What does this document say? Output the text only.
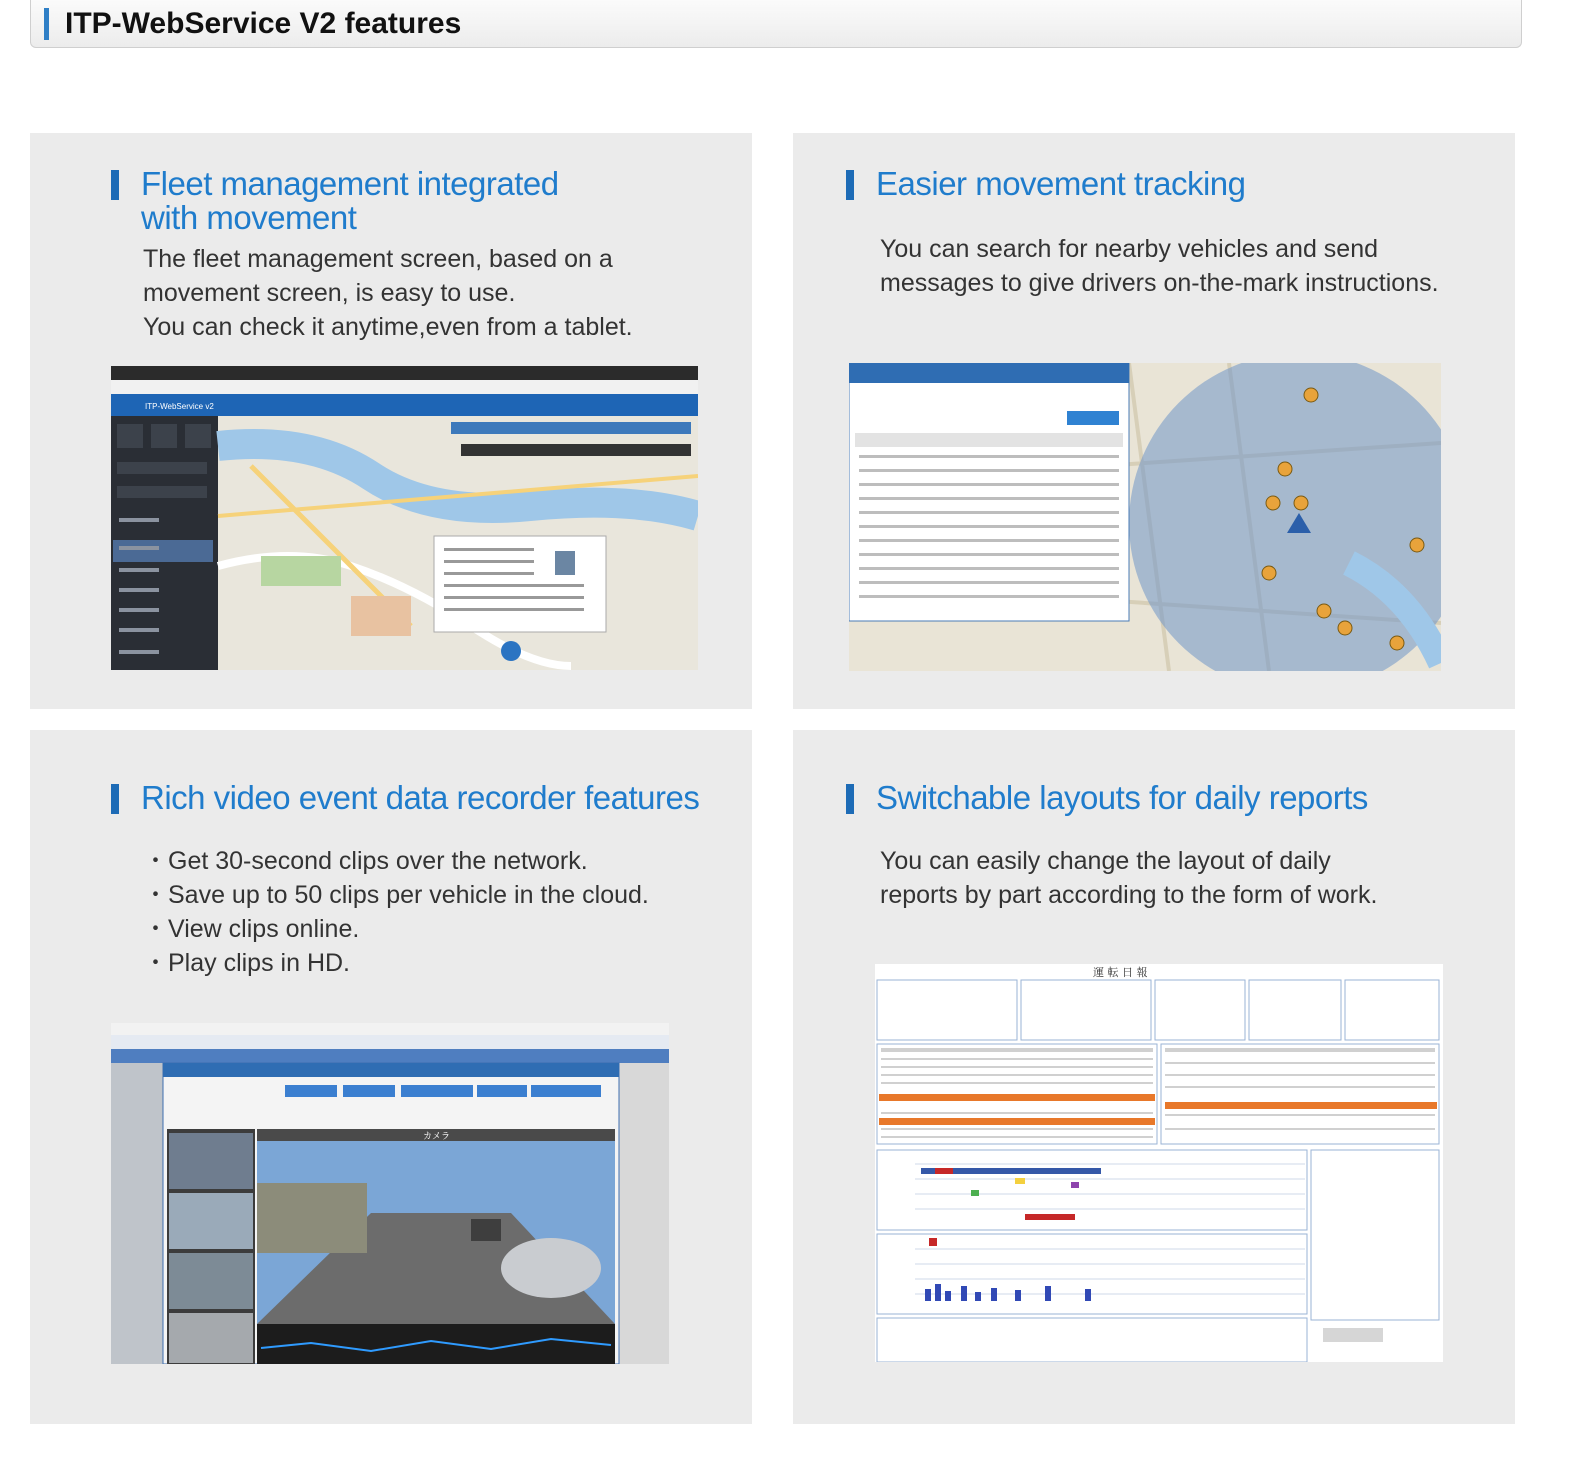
ITP-WebService V2 features
Fleet management integrated
with movement
The fleet management screen, based on a
movement screen, is easy to use.
You can check it anytime,even from a tablet.
ITP-WebService v2
Easier movement tracking
You can search for nearby vehicles and send
messages to give drivers on-the-mark instructions.
Rich video event data recorder features
・Get 30-second clips over the network.
・Save up to 50 clips per vehicle in the cloud.
・View clips online.
・Play clips in HD.
カメラ
Switchable layouts for daily reports
You can easily change the layout of daily
reports by part according to the form of work.
運 転 日 報
